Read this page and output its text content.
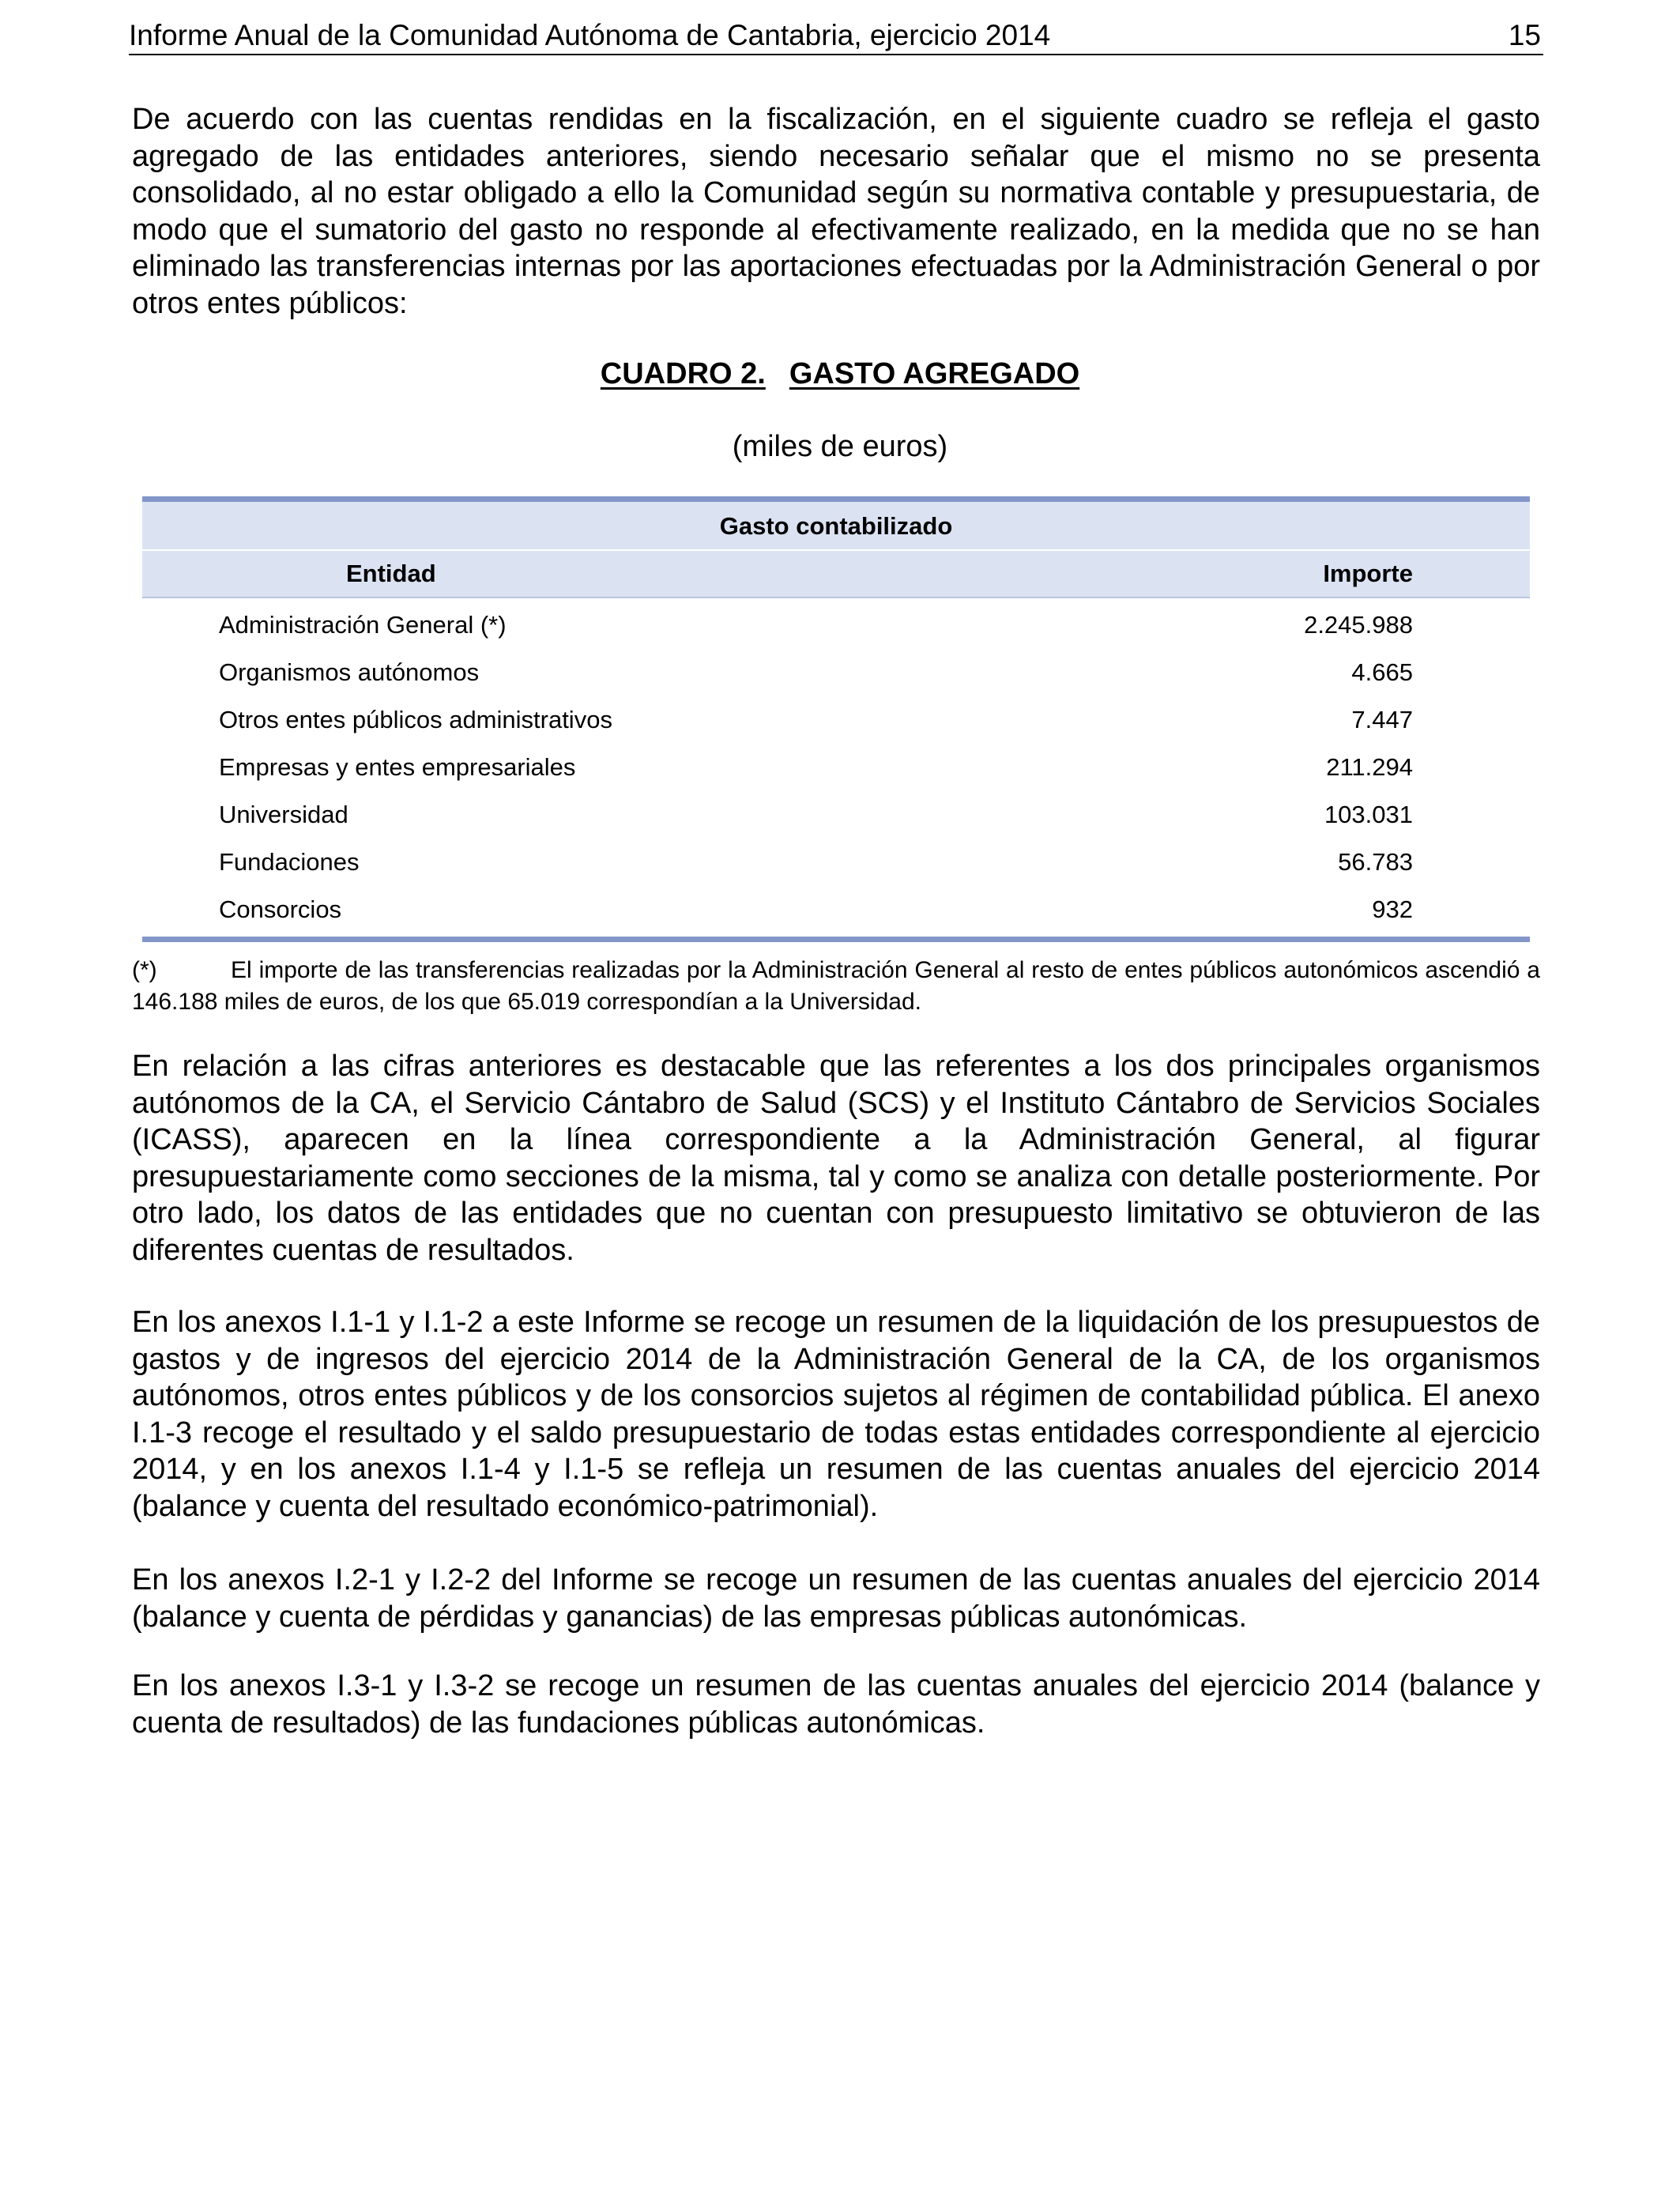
Informe Anual de la Comunidad Autónoma de Cantabria, ejercicio 2014	15

De acuerdo con las cuentas rendidas en la fiscalización, en el siguiente cuadro se refleja el gasto agregado de las entidades anteriores, siendo necesario señalar que el mismo no se presenta consolidado, al no estar obligado a ello la Comunidad según su normativa contable y presupuestaria, de modo que el sumatorio del gasto no responde al efectivamente realizado, en la medida que no se han eliminado las transferencias internas por las aportaciones efectuadas por la Administración General o por otros entes públicos:

CUADRO 2. GASTO AGREGADO
(miles de euros)
Gasto contabilizado
Entidad	Importe
Administración General (*)	2.245.988
Organismos autónomos	4.665
Otros entes públicos administrativos	7.447
Empresas y entes empresariales	211.294
Universidad	103.031
Fundaciones	56.783
Consorcios	932

(*)	El importe de las transferencias realizadas por la Administración General al resto de entes públicos autonómicos ascendió a 146.188 miles de euros, de los que 65.019 correspondían a la Universidad.

En relación a las cifras anteriores es destacable que las referentes a los dos principales organismos autónomos de la CA, el Servicio Cántabro de Salud (SCS) y el Instituto Cántabro de Servicios Sociales (ICASS), aparecen en la línea correspondiente a la Administración General, al figurar presupuestariamente como secciones de la misma, tal y como se analiza con detalle posteriormente. Por otro lado, los datos de las entidades que no cuentan con presupuesto limitativo se obtuvieron de las diferentes cuentas de resultados.

En los anexos I.1-1 y I.1-2 a este Informe se recoge un resumen de la liquidación de los presupuestos de gastos y de ingresos del ejercicio 2014 de la Administración General de la CA, de los organismos autónomos, otros entes públicos y de los consorcios sujetos al régimen de contabilidad pública. El anexo I.1-3 recoge el resultado y el saldo presupuestario de todas estas entidades correspondiente al ejercicio 2014, y en los anexos I.1-4 y I.1-5 se refleja un resumen de las cuentas anuales del ejercicio 2014 (balance y cuenta del resultado económico-patrimonial).

En los anexos I.2-1 y I.2-2 del Informe se recoge un resumen de las cuentas anuales del ejercicio 2014 (balance y cuenta de pérdidas y ganancias) de las empresas públicas autonómicas.

En los anexos I.3-1 y I.3-2 se recoge un resumen de las cuentas anuales del ejercicio 2014 (balance y cuenta de resultados) de las fundaciones públicas autonómicas.
